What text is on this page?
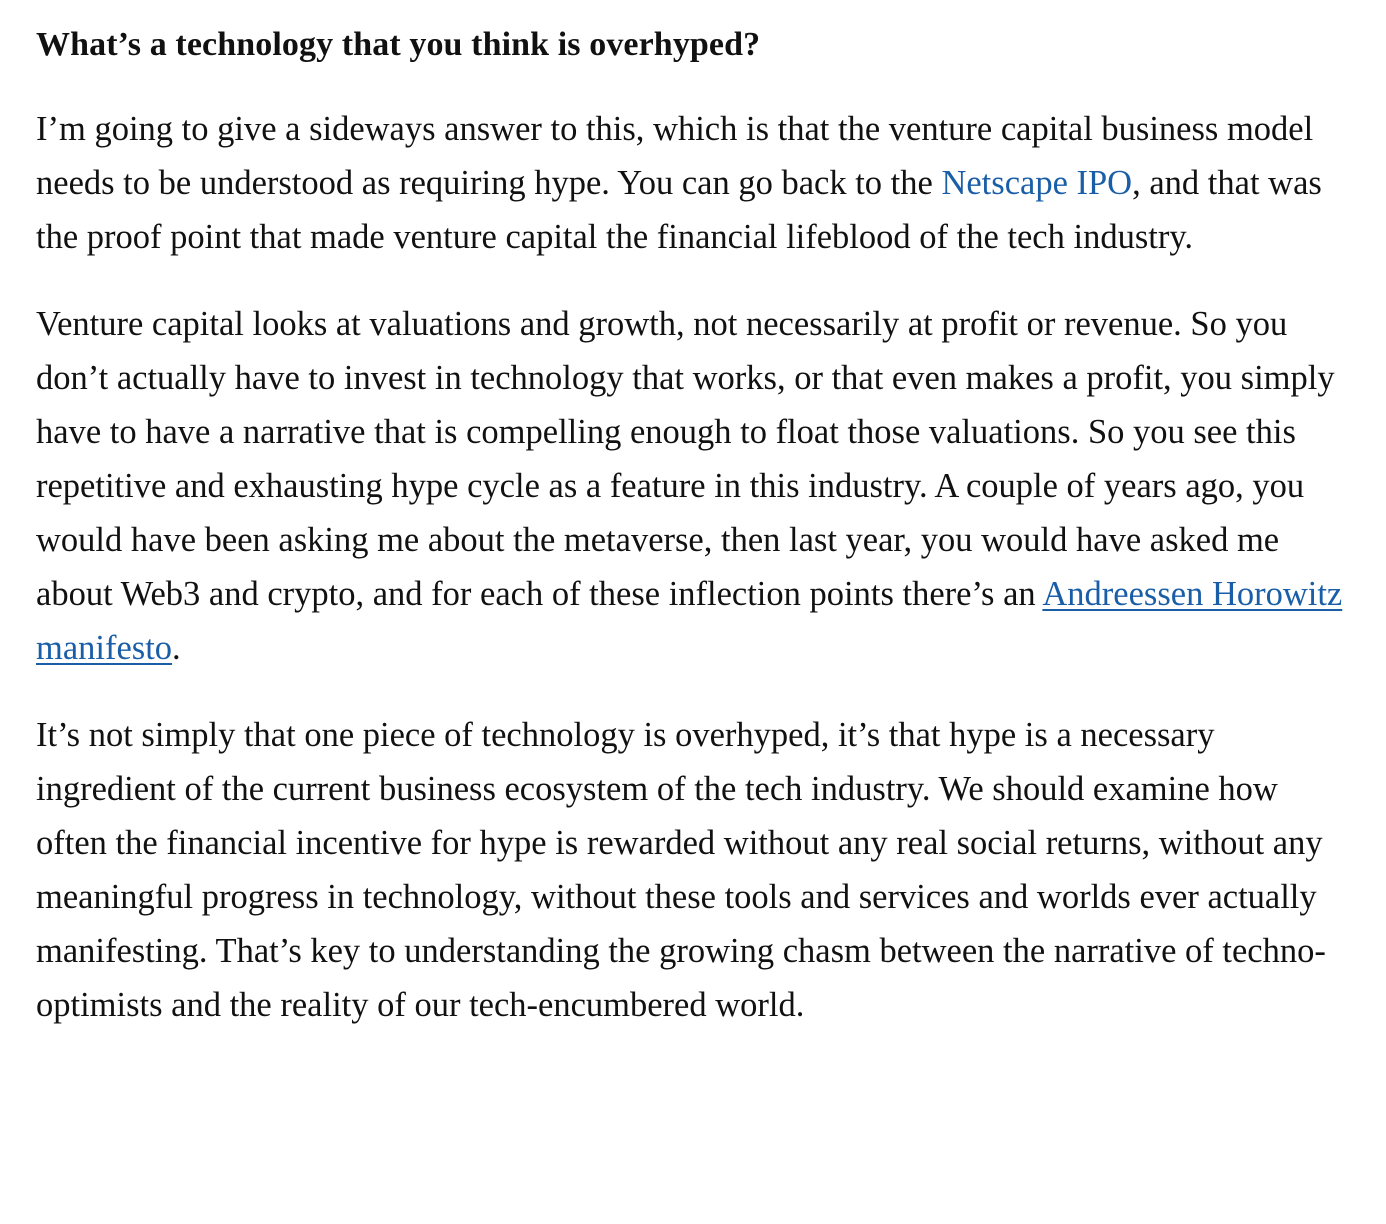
What’s a technology that you think is overhyped?

I’m going to give a sideways answer to this, which is that the venture capital business model needs to be understood as requiring hype. You can go back to the Netscape IPO, and that was the proof point that made venture capital the financial lifeblood of the tech industry.

Venture capital looks at valuations and growth, not necessarily at profit or revenue. So you don’t actually have to invest in technology that works, or that even makes a profit, you simply have to have a narrative that is compelling enough to float those valuations. So you see this repetitive and exhausting hype cycle as a feature in this industry. A couple of years ago, you would have been asking me about the metaverse, then last year, you would have asked me about Web3 and crypto, and for each of these inflection points there’s an Andreessen Horowitz manifesto.

It’s not simply that one piece of technology is overhyped, it’s that hype is a necessary ingredient of the current business ecosystem of the tech industry. We should examine how often the financial incentive for hype is rewarded without any real social returns, without any meaningful progress in technology, without these tools and services and worlds ever actually manifesting. That’s key to understanding the growing chasm between the narrative of techno-optimists and the reality of our tech-encumbered world.
